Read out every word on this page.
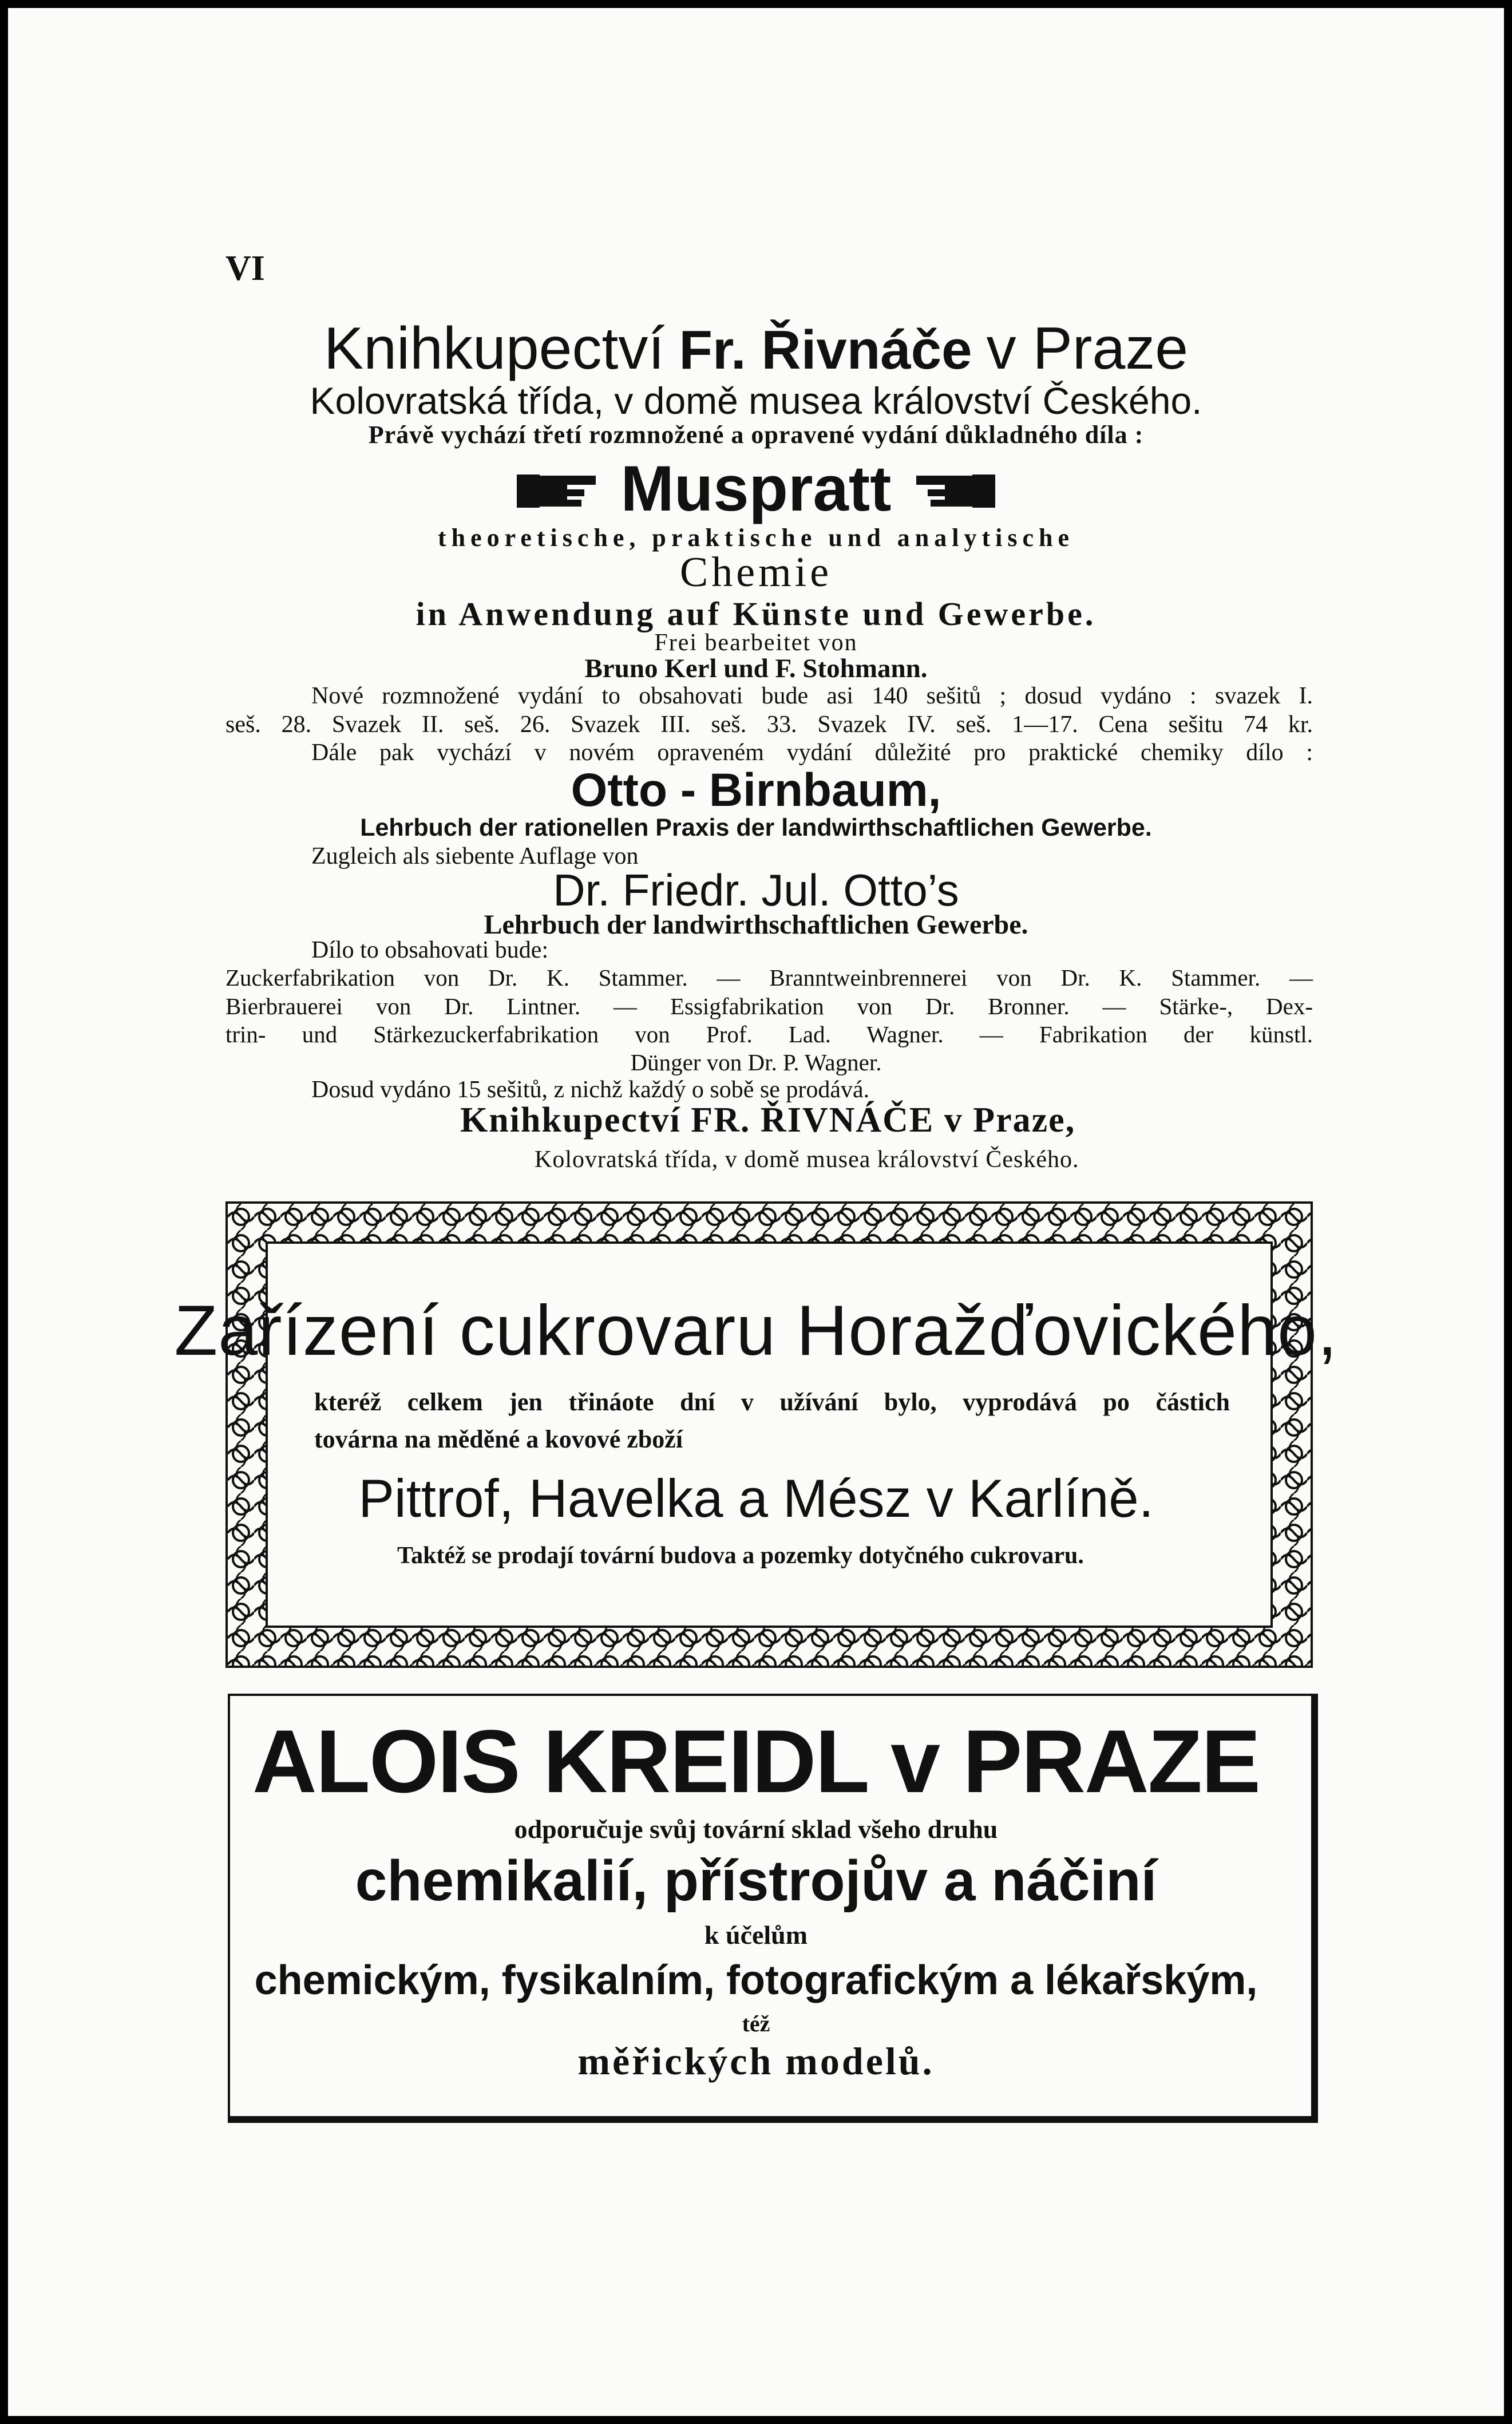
VI
Knihkupectví Fr. Řivnáče v Praze
Kolovratská třída, v domě musea království Českého.
Právě vychází třetí rozmnožené a opravené vydání důkladného díla :
Muspratt
theoretische, praktische und analytische
Chemie
in Anwendung auf Künste und Gewerbe.
Frei bearbeitet von
Bruno Kerl und F. Stohmann.
Nové rozmnožené vydání to obsahovati bude asi 140 sešitů ; dosud vydáno : svazek I.
seš. 28. Svazek II. seš. 26. Svazek III. seš. 33. Svazek IV. seš. 1—17. Cena sešitu 74 kr.
Dále pak vychází v novém opraveném vydání důležité pro praktické chemiky dílo :
Otto - Birnbaum,
Lehrbuch der rationellen Praxis der landwirthschaftlichen Gewerbe.
Zugleich als siebente Auflage von
Dr. Friedr. Jul. Otto’s
Lehrbuch der landwirthschaftlichen Gewerbe.
Dílo to obsahovati bude:
Zuckerfabrikation von Dr. K. Stammer. — Branntweinbrennerei von Dr. K. Stammer. —
Bierbrauerei von Dr. Lintner. — Essigfabrikation von Dr. Bronner. — Stärke-, Dex-
trin- und Stärkezuckerfabrikation von Prof. Lad. Wagner. — Fabrikation der künstl.
Dünger von Dr. P. Wagner.
Dosud vydáno 15 sešitů, z nichž každý o sobě se prodává.
Knihkupectví FR. ŘIVNÁČE v Praze,
Kolovratská třída, v domě musea království Českého.
Zařízení cukrovaru Horažďovického,
kteréž celkem jen třináote dní v užívání bylo, vyprodává po částich
továrna na měděné a kovové zboží
Pittrof, Havelka a Mész v Karlíně.
Taktéž se prodají tovární budova a pozemky dotyčného cukrovaru.
ALOIS KREIDL v PRAZE
odporučuje svůj tovární sklad všeho druhu
chemikalií, přístrojův a náčiní
k účelům
chemickým, fysikalním, fotografickým a lékařským,
též
měřických modelů.
